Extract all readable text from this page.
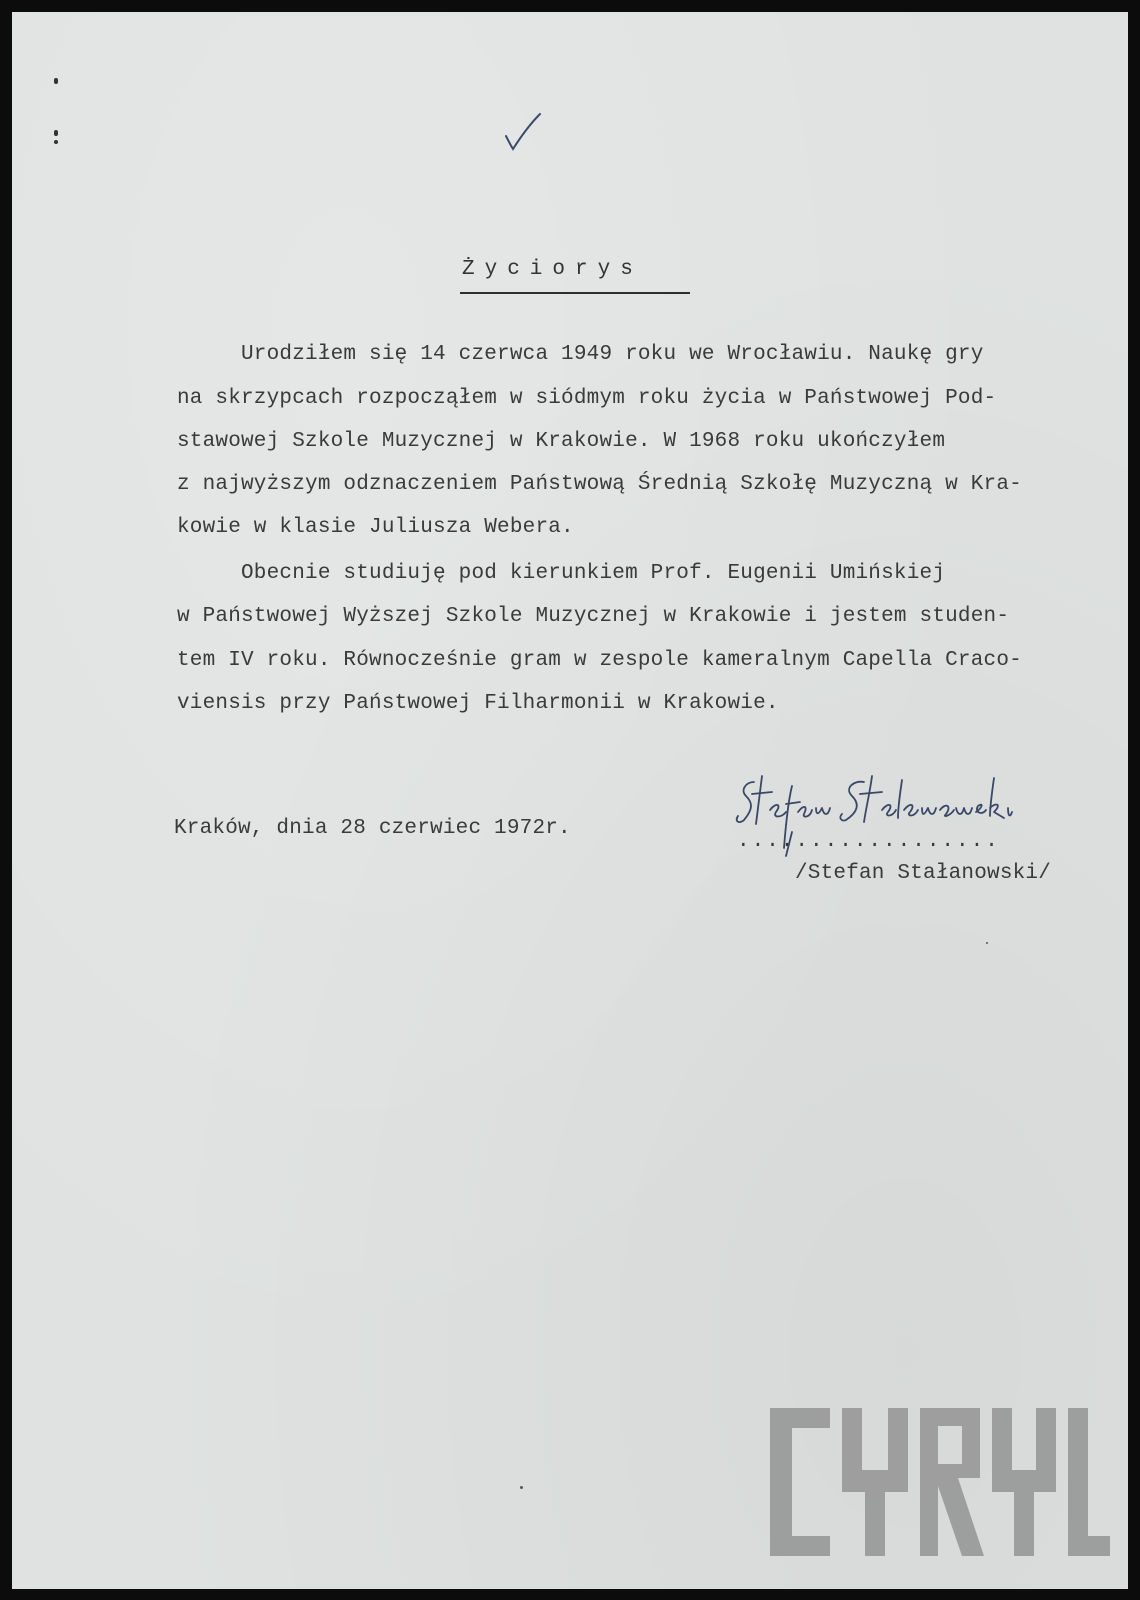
Życiorys
Urodziłem się 14 czerwca 1949 roku we Wrocławiu. Naukę gry
na skrzypcach rozpocząłem w siódmym roku życia w Państwowej Pod-
stawowej Szkole Muzycznej w Krakowie. W 1968 roku ukończyłem
z najwyższym odznaczeniem Państwową Średnią Szkołę Muzyczną w Kra-
kowie w klasie Juliusza Webera.
Obecnie studiuję pod kierunkiem Prof. Eugenii Umińskiej
w Państwowej Wyższej Szkole Muzycznej w Krakowie i jestem studen-
tem IV roku. Równocześnie gram w zespole kameralnym Capella Craco-
viensis przy Państwowej Filharmonii w Krakowie.
Kraków, dnia 28 czerwiec 1972r.
..................
/Stefan Stałanowski/
